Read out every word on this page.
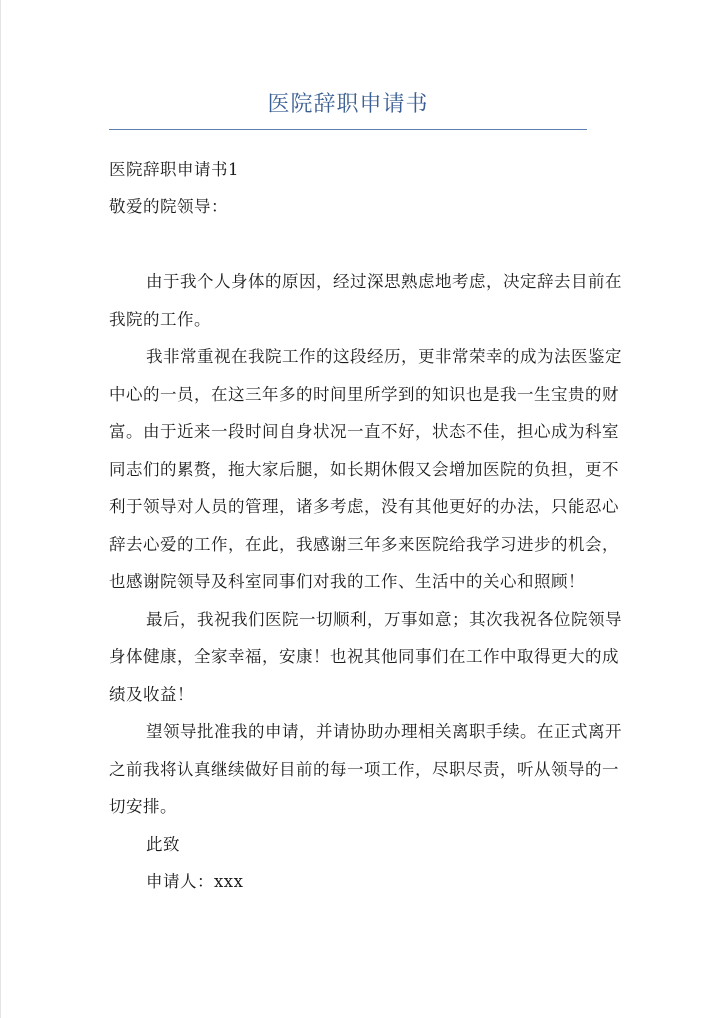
医院辞职申请书
医院辞职申请书1
敬爱的院领导：
由于我个人身体的原因，经过深思熟虑地考虑，决定辞去目前在
我院的工作。
我非常重视在我院工作的这段经历，更非常荣幸的成为法医鉴定
中心的一员，在这三年多的时间里所学到的知识也是我一生宝贵的财
富。由于近来一段时间自身状况一直不好，状态不佳，担心成为科室
同志们的累赘，拖大家后腿，如长期休假又会增加医院的负担，更不
利于领导对人员的管理，诸多考虑，没有其他更好的办法，只能忍心
辞去心爱的工作，在此，我感谢三年多来医院给我学习进步的机会，
也感谢院领导及科室同事们对我的工作、生活中的关心和照顾！
最后，我祝我们医院一切顺利，万事如意；其次我祝各位院领导
身体健康，全家幸福，安康！也祝其他同事们在工作中取得更大的成
绩及收益！
望领导批准我的申请，并请协助办理相关离职手续。在正式离开
之前我将认真继续做好目前的每一项工作，尽职尽责，听从领导的一
切安排。
此致
申请人：xxx
